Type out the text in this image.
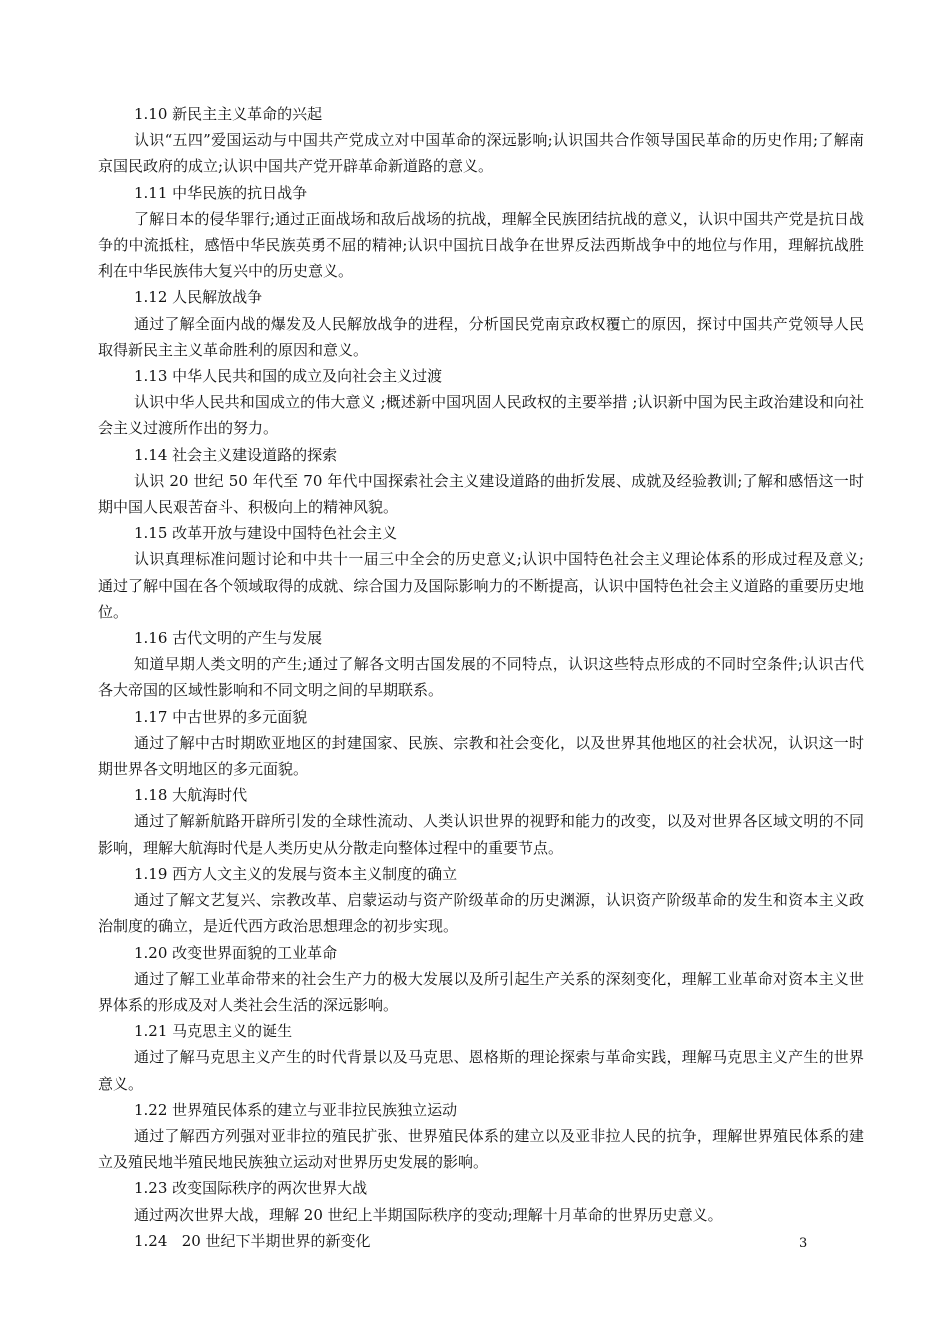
1.10 新民主主义革命的兴起

认识“五四”爱国运动与中国共产党成立对中国革命的深远影响;认识国共合作领导国民革命的历史作用;了解南京国民政府的成立;认识中国共产党开辟革命新道路的意义。

1.11 中华民族的抗日战争

了解日本的侵华罪行;通过正面战场和敌后战场的抗战，理解全民族团结抗战的意义，认识中国共产党是抗日战争的中流抵柱，感悟中华民族英勇不屈的精神;认识中国抗日战争在世界反法西斯战争中的地位与作用，理解抗战胜利在中华民族伟大复兴中的历史意义。

1.12 人民解放战争

通过了解全面内战的爆发及人民解放战争的进程，分析国民党南京政权覆亡的原因，探讨中国共产党领导人民取得新民主主义革命胜利的原因和意义。

1.13 中华人民共和国的成立及向社会主义过渡

认识中华人民共和国成立的伟大意义 ;概述新中国巩固人民政权的主要举措 ;认识新中国为民主政治建设和向社会主义过渡所作出的努力。

1.14 社会主义建设道路的探索

认识 20 世纪 50 年代至 70 年代中国探索社会主义建设道路的曲折发展、成就及经验教训;了解和感悟这一时期中国人民艰苦奋斗、积极向上的精神风貌。

1.15 改革开放与建设中国特色社会主义

认识真理标准问题讨论和中共十一届三中全会的历史意义;认识中国特色社会主义理论体系的形成过程及意义;通过了解中国在各个领域取得的成就、综合国力及国际影响力的不断提高，认识中国特色社会主义道路的重要历史地位。

1.16 古代文明的产生与发展

知道早期人类文明的产生;通过了解各文明古国发展的不同特点，认识这些特点形成的不同时空条件;认识古代各大帝国的区域性影响和不同文明之间的早期联系。

1.17 中古世界的多元面貌

通过了解中古时期欧亚地区的封建国家、民族、宗教和社会变化，以及世界其他地区的社会状况，认识这一时期世界各文明地区的多元面貌。

1.18 大航海时代

通过了解新航路开辟所引发的全球性流动、人类认识世界的视野和能力的改变，以及对世界各区域文明的不同影响，理解大航海时代是人类历史从分散走向整体过程中的重要节点。

1.19 西方人文主义的发展与资本主义制度的确立

通过了解文艺复兴、宗教改革、启蒙运动与资产阶级革命的历史渊源，认识资产阶级革命的发生和资本主义政治制度的确立，是近代西方政治思想理念的初步实现。

1.20 改变世界面貌的工业革命

通过了解工业革命带来的社会生产力的极大发展以及所引起生产关系的深刻变化，理解工业革命对资本主义世界体系的形成及对人类社会生活的深远影响。

1.21 马克思主义的诞生

通过了解马克思主义产生的时代背景以及马克思、恩格斯的理论探索与革命实践，理解马克思主义产生的世界意义。

1.22 世界殖民体系的建立与亚非拉民族独立运动

通过了解西方列强对亚非拉的殖民扩张、世界殖民体系的建立以及亚非拉人民的抗争，理解世界殖民体系的建立及殖民地半殖民地民族独立运动对世界历史发展的影响。

1.23 改变国际秩序的两次世界大战

通过两次世界大战，理解 20 世纪上半期国际秩序的变动;理解十月革命的世界历史意义。

1.24   20 世纪下半期世界的新变化	3
